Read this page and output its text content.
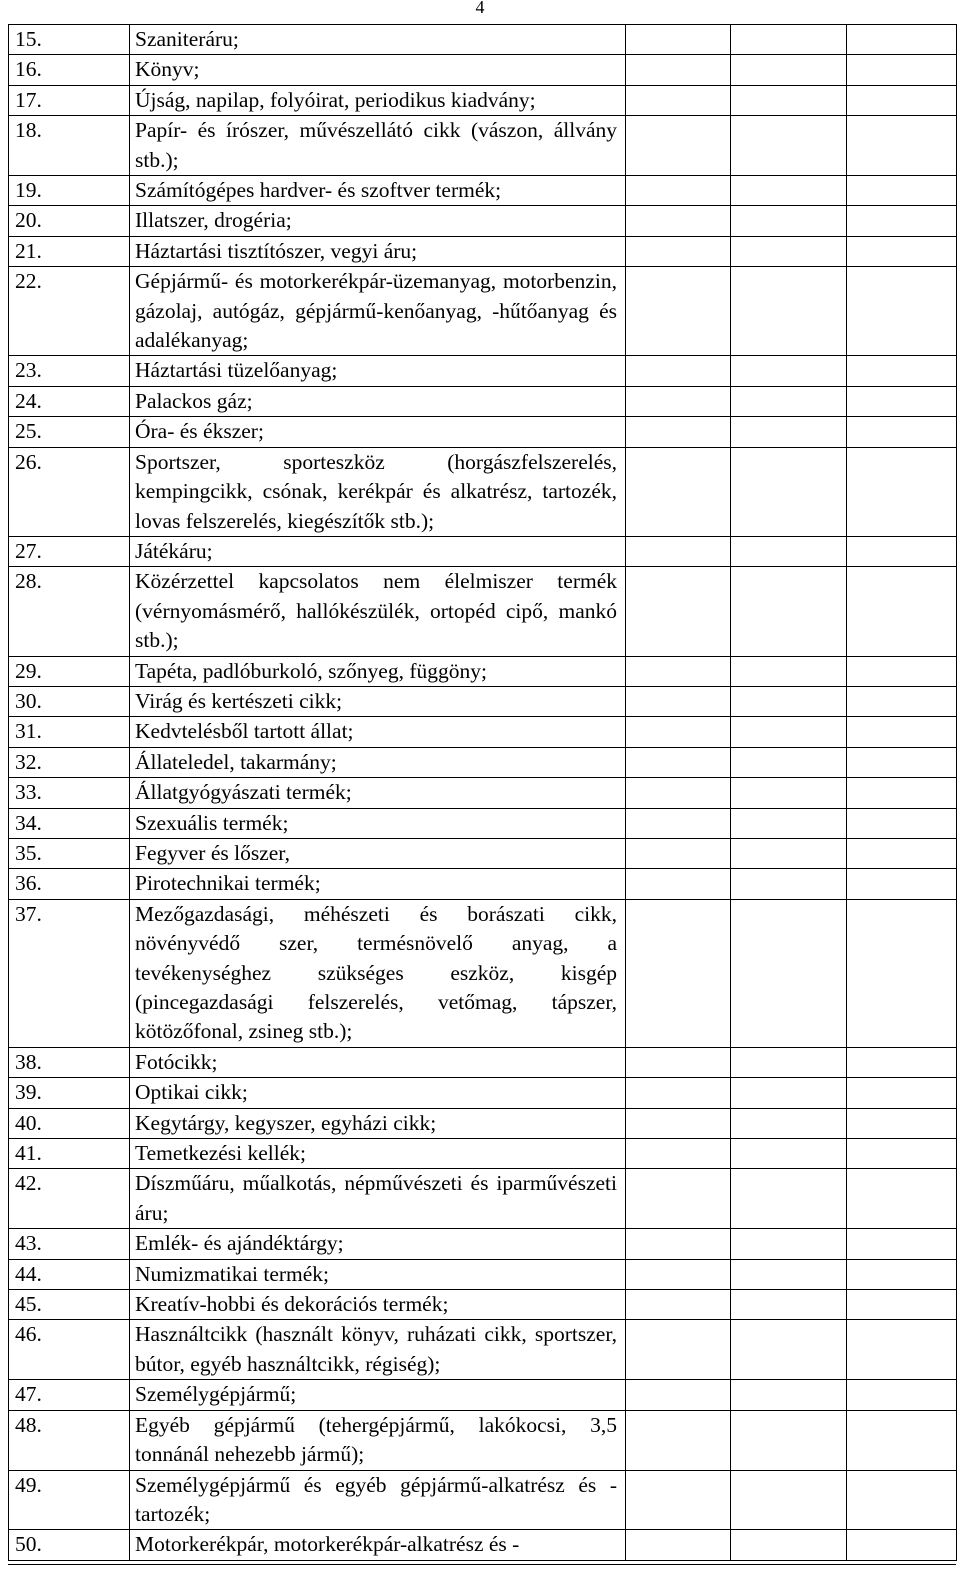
4
15.	Szaniteráru;			
16.	Könyv;			
17.	Újság, napilap, folyóirat, periodikus kiadvány;			
18.	Papír- és írószer, művészellátó cikk (vászon, állvány stb.);			
19.	Számítógépes hardver- és szoftver termék;			
20.	Illatszer, drogéria;			
21.	Háztartási tisztítószer, vegyi áru;			
22.	Gépjármű- és motorkerékpár-üzemanyag, motorbenzin, gázolaj, autógáz, gépjármű-kenőanyag, -hűtőanyag és adalékanyag;			
23.	Háztartási tüzelőanyag;			
24.	Palackos gáz;			
25.	Óra- és ékszer;			
26.	Sportszer, sporteszköz (horgászfelszerelés, kempingcikk, csónak, kerékpár és alkatrész, tartozék, lovas felszerelés, kiegészítők stb.);			
27.	Játékáru;			
28.	Közérzettel kapcsolatos nem élelmiszer termék (vérnyomásmérő, hallókészülék, ortopéd cipő, mankó stb.);			
29.	Tapéta, padlóburkoló, szőnyeg, függöny;			
30.	Virág és kertészeti cikk;			
31.	Kedvtelésből tartott állat;			
32.	Állateledel, takarmány;			
33.	Állatgyógyászati termék;			
34.	Szexuális termék;			
35.	Fegyver és lőszer,			
36.	Pirotechnikai termék;			
37.	Mezőgazdasági, méhészeti és borászati cikk, növényvédő szer, termésnövelő anyag, a tevékenységhez szükséges eszköz, kisgép (pincegazdasági felszerelés, vetőmag, tápszer, kötözőfonal, zsineg stb.);			
38.	Fotócikk;			
39.	Optikai cikk;			
40.	Kegytárgy, kegyszer, egyházi cikk;			
41.	Temetkezési kellék;			
42.	Díszműáru, műalkotás, népművészeti és iparművészeti áru;			
43.	Emlék- és ajándéktárgy;			
44.	Numizmatikai termék;			
45.	Kreatív-hobbi és dekorációs termék;			
46.	Használtcikk (használt könyv, ruházati cikk, sportszer, bútor, egyéb használtcikk, régiség);			
47.	Személygépjármű;			
48.	Egyéb gépjármű (tehergépjármű, lakókocsi, 3,5 tonnánál nehezebb jármű);			
49.	Személygépjármű és egyéb gépjármű-alkatrész és -tartozék;			
50.	Motorkerékpár, motorkerékpár-alkatrész és -			
